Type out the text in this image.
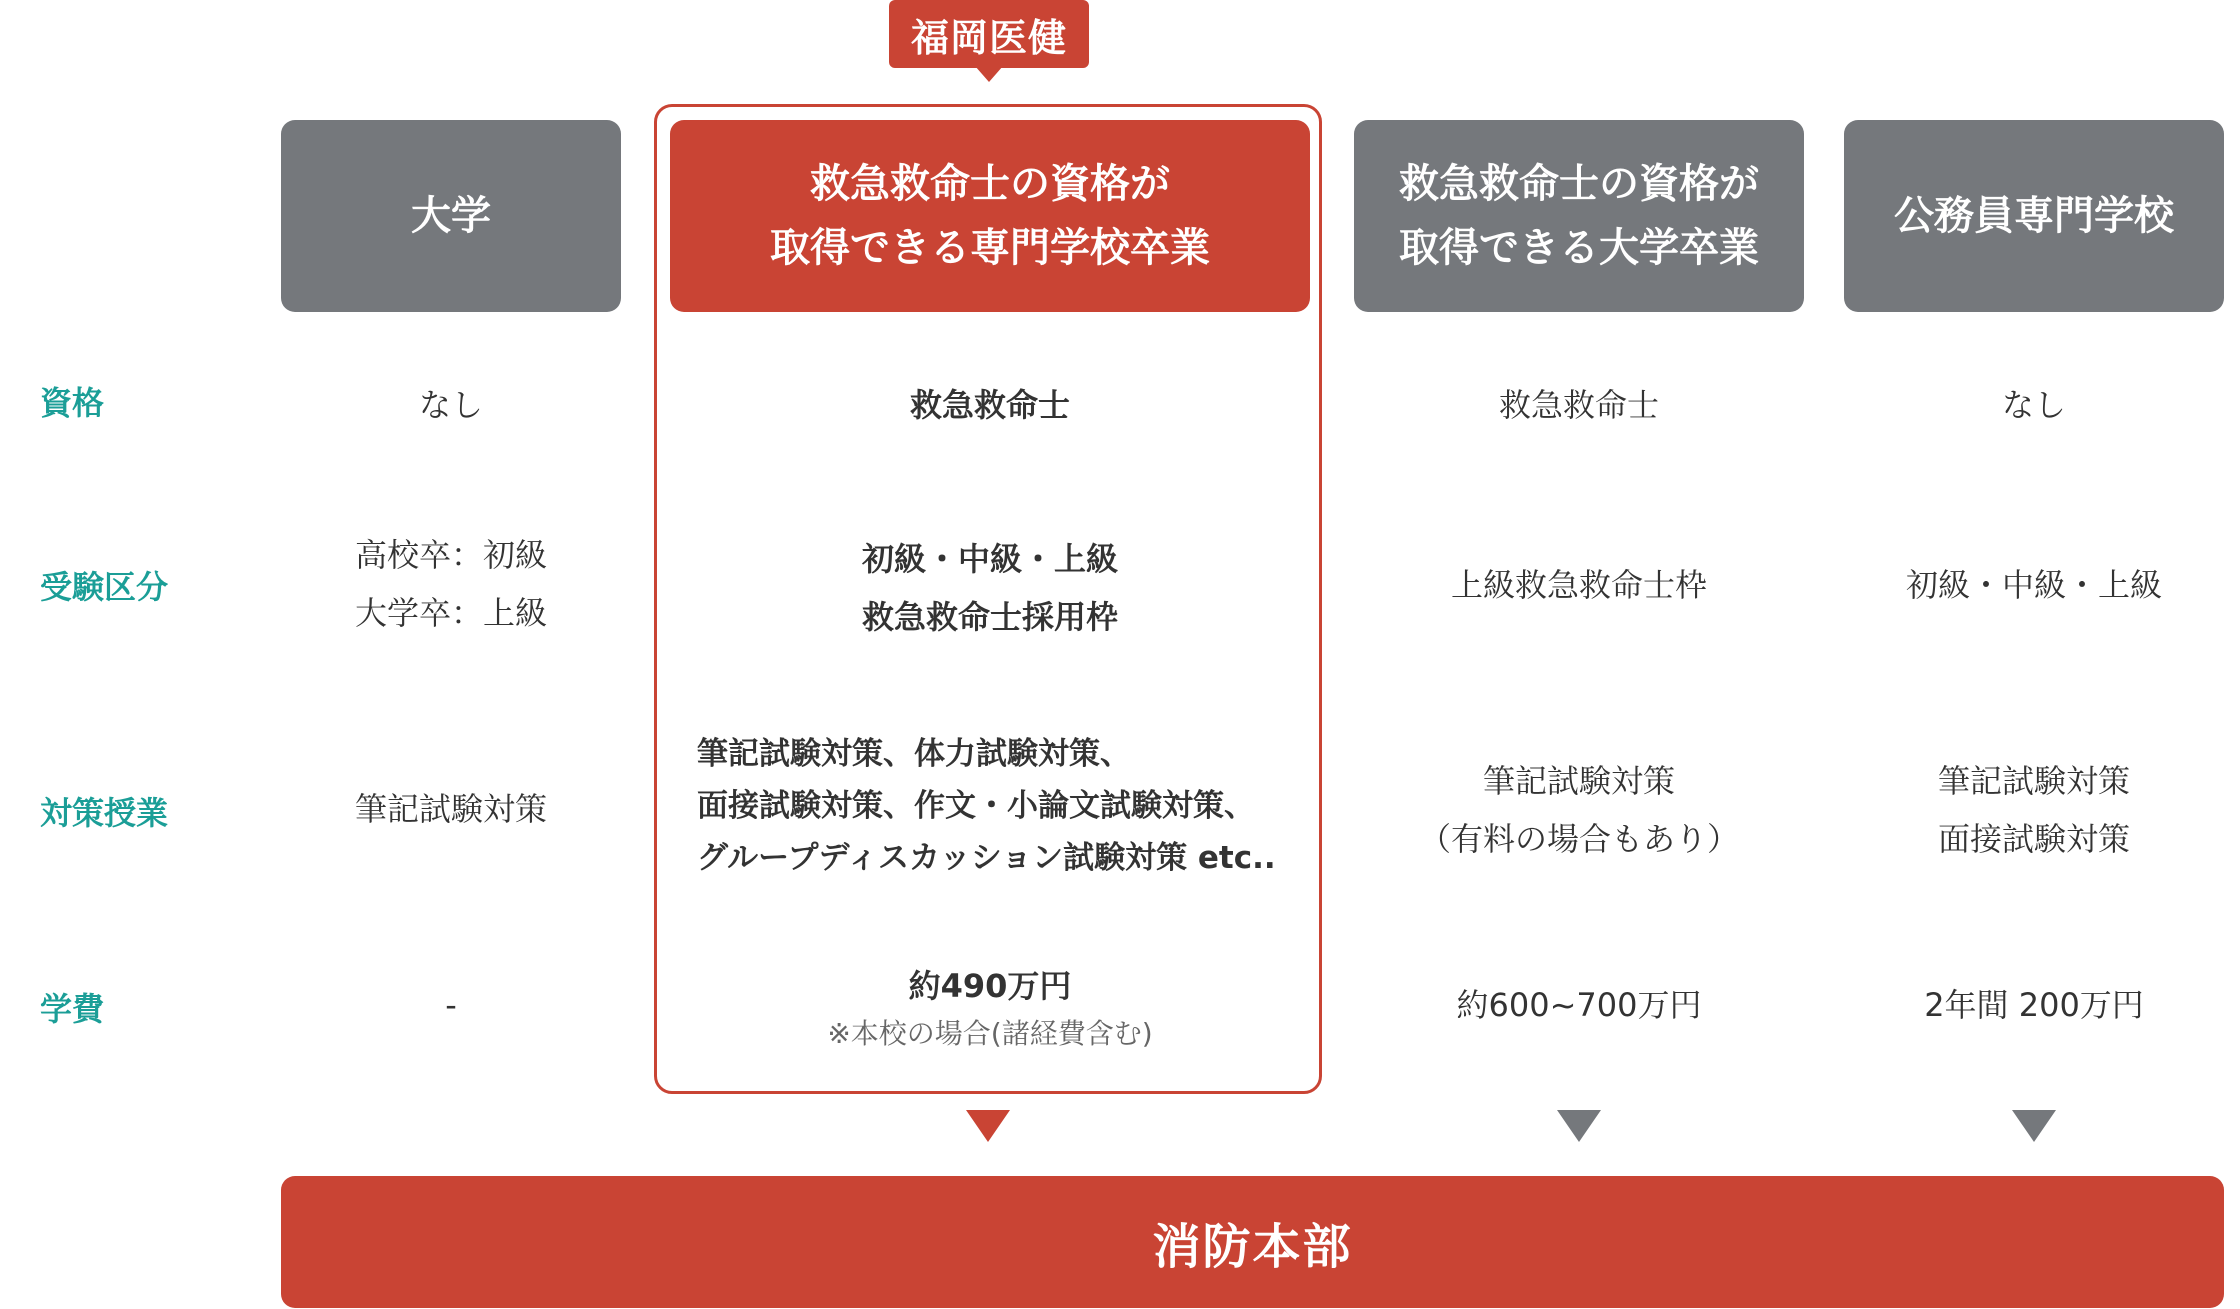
福岡医健
大学
救急救命士の資格が
取得できる専門学校卒業
救急救命士の資格が
取得できる大学卒業
公務員専門学校
資格
受験区分
対策授業
学費
なし
高校卒：初級
大学卒：上級
筆記試験対策
-
救急救命士
初級・中級・上級
救急救命士採用枠
筆記試験対策、体力試験対策、
面接試験対策、作文・小論文試験対策、
グループディスカッション試験対策 etc..
約490万円
※本校の場合(諸経費含む)
救急救命士
上級救急救命士枠
筆記試験対策
（有料の場合もあり）
約600~700万円
なし
初級・中級・上級
筆記試験対策
面接試験対策
2年間 200万円
消防本部
